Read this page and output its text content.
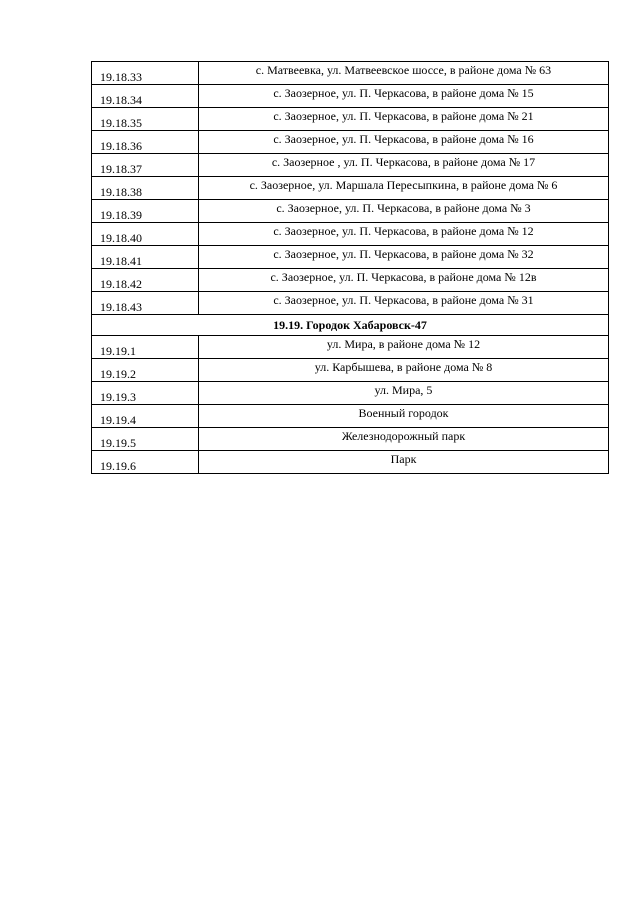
19.18.33	с. Матвеевка, ул. Матвеевское шоссе, в районе дома № 63
19.18.34	с. Заозерное, ул. П. Черкасова, в районе дома № 15
19.18.35	с. Заозерное, ул. П. Черкасова, в районе дома № 21
19.18.36	с. Заозерное, ул. П. Черкасова, в районе дома № 16
19.18.37	с. Заозерное , ул. П. Черкасова, в районе дома № 17
19.18.38	с. Заозерное, ул. Маршала Пересыпкина, в районе дома № 6
19.18.39	с. Заозерное, ул. П. Черкасова, в районе дома № 3
19.18.40	с. Заозерное, ул. П. Черкасова, в районе дома № 12
19.18.41	с. Заозерное, ул. П. Черкасова, в районе дома № 32
19.18.42	с. Заозерное, ул. П. Черкасова, в районе дома № 12в
19.18.43	с. Заозерное, ул. П. Черкасова, в районе дома № 31
19.19. Городок Хабаровск-47	
19.19.1	ул. Мира, в районе дома № 12
19.19.2	ул. Карбышева, в районе дома № 8
19.19.3	ул. Мира, 5
19.19.4	Военный городок
19.19.5	Железнодорожный парк
19.19.6	Парк
